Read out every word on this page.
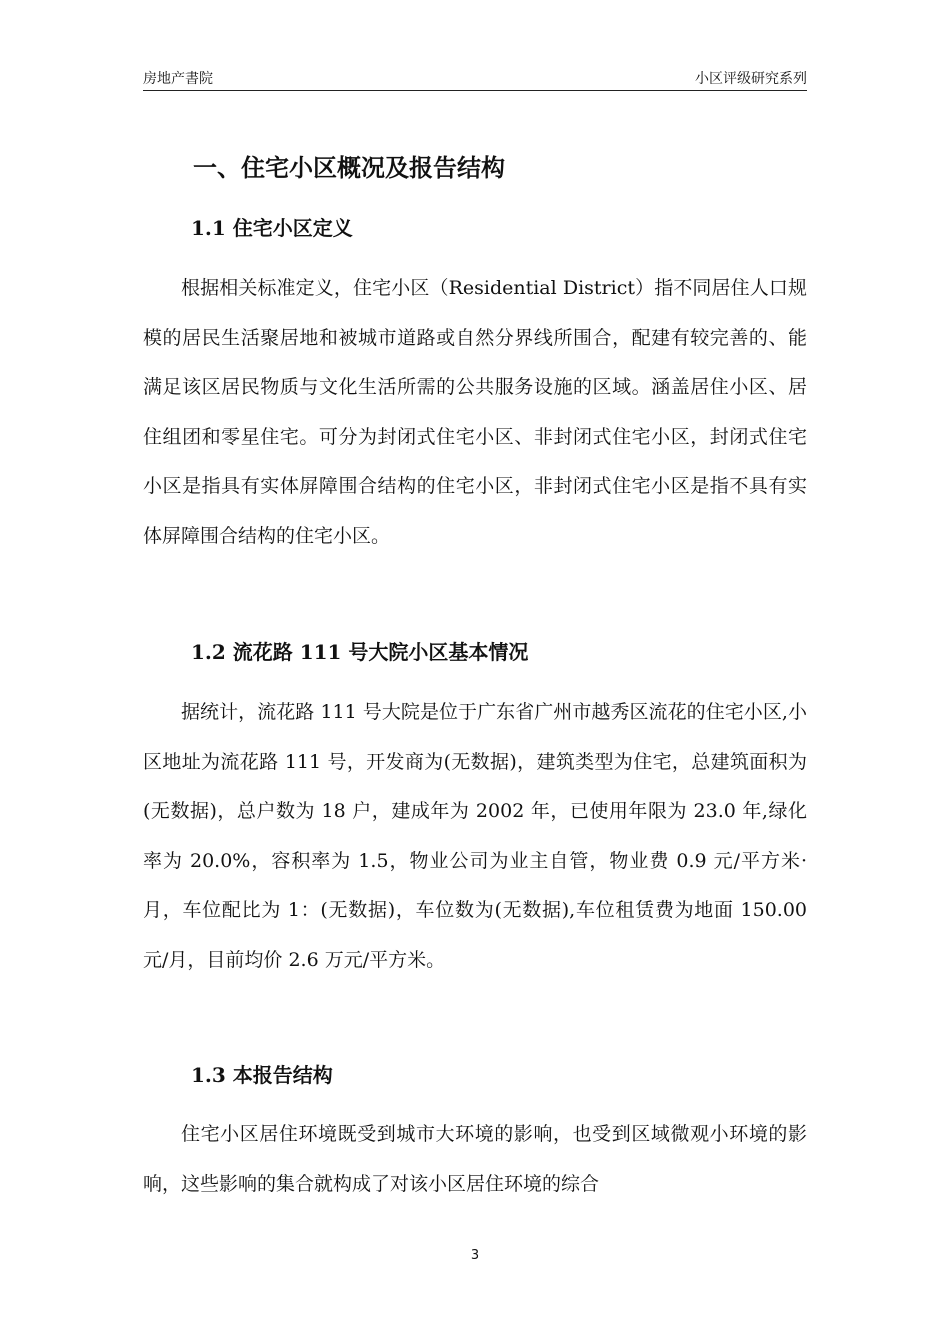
房地产書院	小区评级研究系列
一、住宅小区概况及报告结构
1.1 住宅小区定义

根据相关标准定义，住宅小区（Residential District）指不同居住人口规模的居民生活聚居地和被城市道路或自然分界线所围合，配建有较完善的、能满足该区居民物质与文化生活所需的公共服务设施的区域。涵盖居住小区、居住组团和零星住宅。可分为封闭式住宅小区、非封闭式住宅小区，封闭式住宅小区是指具有实体屏障围合结构的住宅小区，非封闭式住宅小区是指不具有实体屏障围合结构的住宅小区。

1.2 流花路 111 号大院小区基本情况

据统计，流花路 111 号大院是位于广东省广州市越秀区流花的住宅小区,小区地址为流花路 111 号，开发商为(无数据)，建筑类型为住宅，总建筑面积为(无数据)，总户数为 18 户，建成年为 2002 年，已使用年限为 23.0 年,绿化率为 20.0%，容积率为 1.5，物业公司为业主自管，物业费 0.9 元/平方米·月，车位配比为 1：(无数据)，车位数为(无数据),车位租赁费为地面 150.00 元/月，目前均价 2.6 万元/平方米。

1.3 本报告结构

住宅小区居住环境既受到城市大环境的影响，也受到区域微观小环境的影响，这些影响的集合就构成了对该小区居住环境的综合

3
